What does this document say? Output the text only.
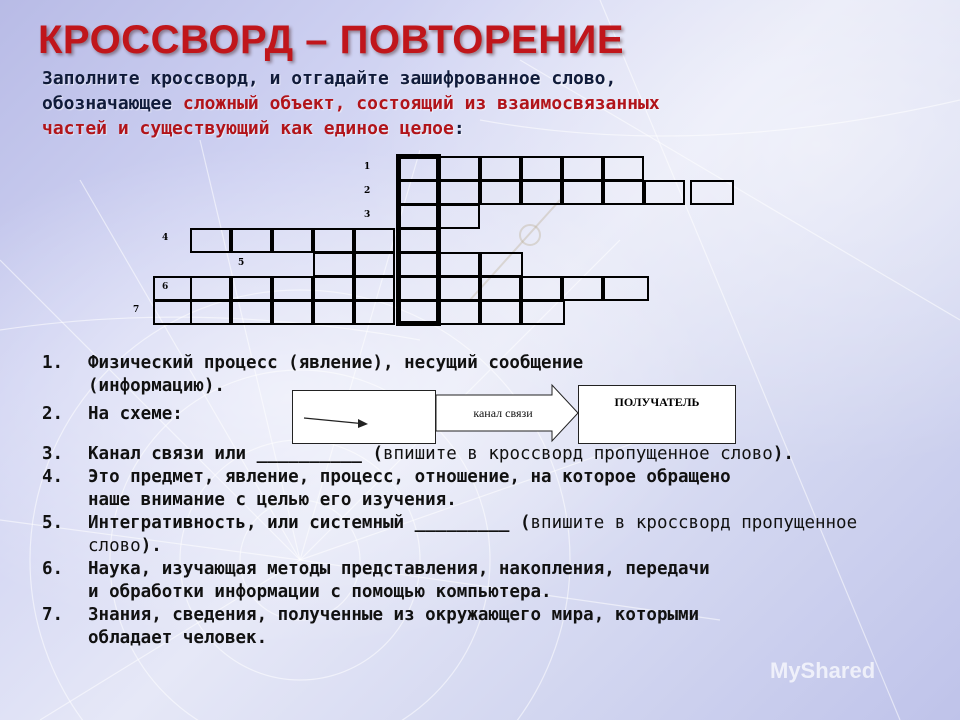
КРОССВОРД – ПОВТОРЕНИЕ
Заполните кроссворд, и отгадайте зашифрованное слово,
обозначающее сложный объект, состоящий из взаимосвязанных
частей и существующий как единое целое:
1
2
3
4
5
6
7
1. Физический процесс (явление), несущий сообщение
(информацию).
2. На схеме:
3. Канал связи или __________ (впишите в кроссворд пропущенное слово).
4. Это предмет, явление, процесс, отношение, на которое обращено
наше внимание с целью его изучения.
5. Интегративность, или системный _________ (впишите в кроссворд пропущенное слово).
6. Наука, изучающая методы представления, накопления, передачи
и обработки информации с помощью компьютера.
7. Знания, сведения, полученные из окружающего мира, которыми
обладает человек.
канал связи
ПОЛУЧАТЕЛЬ
MyShared
